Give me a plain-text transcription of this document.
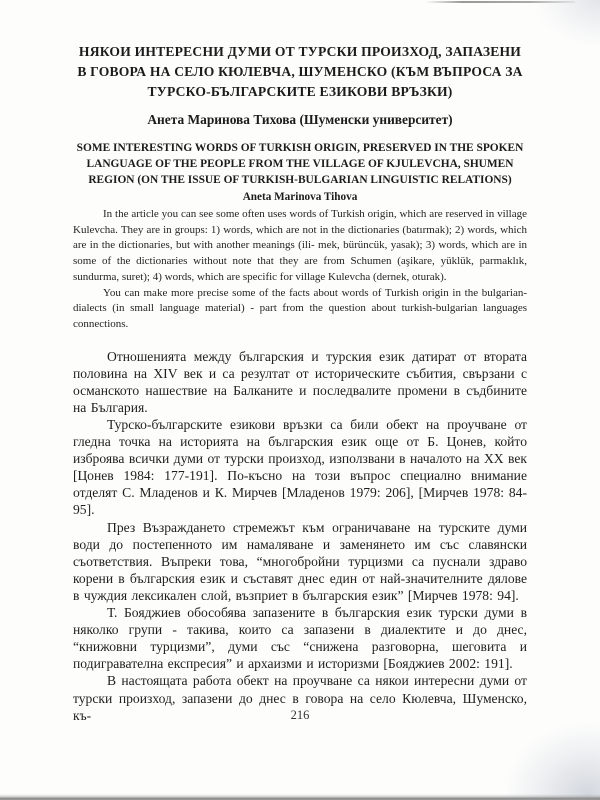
НЯКОИ ИНТЕРЕСНИ ДУМИ ОТ ТУРСКИ ПРОИЗХОД, ЗАПАЗЕНИ В ГОВОРА НА СЕЛО КЮЛЕВЧА, ШУМЕНСКО (КЪМ ВЪПРОСА ЗА ТУРСКО-БЪЛГАРСКИТЕ ЕЗИКОВИ ВРЪЗКИ)
Анета Маринова Тихова (Шуменски университет)
SOME INTERESTING WORDS OF TURKISH ORIGIN, PRESERVED IN THE SPOKEN LANGUAGE OF THE PEOPLE FROM THE VILLAGE OF KJULEVCHA, SHUMEN REGION (ON THE ISSUE OF TURKISH-BULGARIAN LINGUISTIC RELATIONS)
Aneta Marinova Tihova

In the article you can see some often uses words of Turkish origin, which are reserved in village Kulevcha. They are in groups: 1) words, which are not in the dictionaries (batırmak); 2) words, which are in the dictionaries, but with another meanings (ili- mek, bürüncük, yasak); 3) words, which are in some of the dictionaries without note that they are from Schumen (aşikare, yüklük, parmaklık, sundurma, suret); 4) words, which are specific for village Kulevcha (dernek, oturak).

You can make more precise some of the facts about words of Turkish origin in the bulgarian-dialects (in small language material) - part from the question about turkish-bulgarian languages connections.

Отношенията между българския и турския език датират от втората половина на XIV век и са резултат от историческите събития, свързани с османското нашествие на Балканите и последвалите промени в съдбините на България.

Турско-българските езикови връзки са били обект на проучване от гледна точка на историята на българския език още от Б. Цонев, който изброява всички думи от турски произход, използвани в началото на XX век [Цонев 1984: 177-191]. По-късно на този въпрос специално внимание отделят С. Младенов и К. Мирчев [Младенов 1979: 206], [Мирчев 1978: 84-95].

През Възраждането стремежът към ограничаване на турските думи води до постепенното им намаляване и заменянето им със славянски съответствия. Въпреки това, “многобройни турцизми са пуснали здраво корени в българския език и съставят днес един от най-значителните дялове в чуждия лексикален слой, възприет в българския език” [Мирчев 1978: 94].

Т. Бояджиев обособява запазените в българския език турски думи в няколко групи - такива, които са запазени в диалектите и до днес, “книжовни турцизми”, думи със “снижена разговорна, шеговита и подигравателна експресия” и архаизми и историзми [Бояджиев 2002: 191].

В настоящата работа обект на проучване са някои интересни думи от турски произход, запазени до днес в говора на село Кюлевча, Шуменско, къ-	216
